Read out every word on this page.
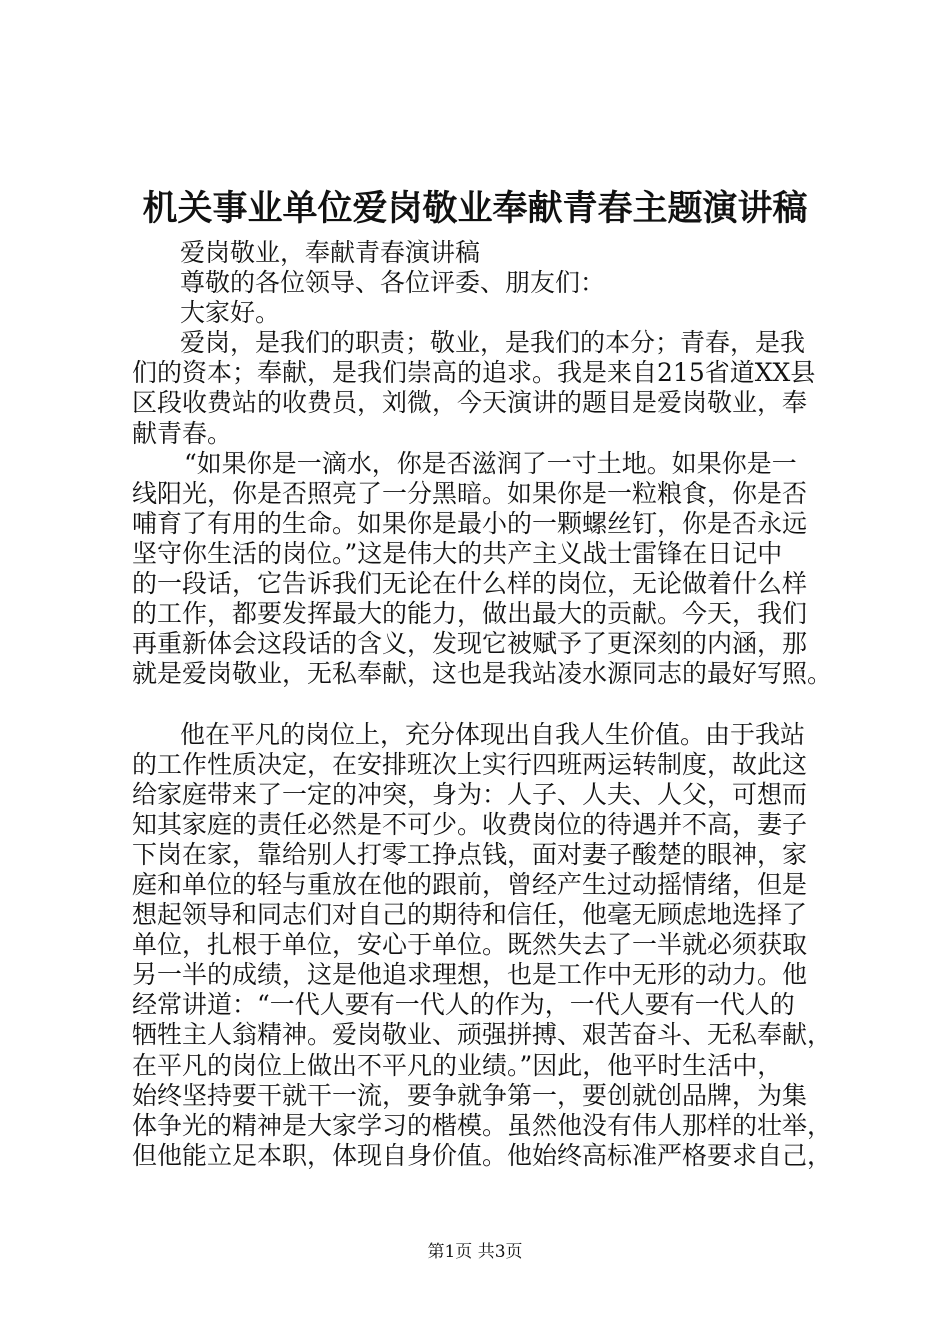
机关事业单位爱岗敬业奉献青春主题演讲稿
爱岗敬业，奉献青春演讲稿
尊敬的各位领导、各位评委、朋友们：
大家好。
爱岗，是我们的职责；敬业，是我们的本分；青春，是我
们的资本；奉献，是我们崇高的追求。我是来自215省道XX县
区段收费站的收费员，刘微，今天演讲的题目是爱岗敬业，奉
献青春。
“如果你是一滴水，你是否滋润了一寸土地。如果你是一
线阳光，你是否照亮了一分黑暗。如果你是一粒粮食，你是否
哺育了有用的生命。如果你是最小的一颗螺丝钉，你是否永远
坚守你生活的岗位。”这是伟大的共产主义战士雷锋在日记中
的一段话，它告诉我们无论在什么样的岗位，无论做着什么样
的工作，都要发挥最大的能力，做出最大的贡献。今天，我们
再重新体会这段话的含义，发现它被赋予了更深刻的内涵，那
就是爱岗敬业，无私奉献，这也是我站凌水源同志的最好写照。
他在平凡的岗位上，充分体现出自我人生价值。由于我站
的工作性质决定，在安排班次上实行四班两运转制度，故此这
给家庭带来了一定的冲突，身为：人子、人夫、人父，可想而
知其家庭的责任必然是不可少。收费岗位的待遇并不高，妻子
下岗在家，靠给别人打零工挣点钱，面对妻子酸楚的眼神，家
庭和单位的轻与重放在他的跟前，曾经产生过动摇情绪，但是
想起领导和同志们对自己的期待和信任，他毫无顾虑地选择了
单位，扎根于单位，安心于单位。既然失去了一半就必须获取
另一半的成绩，这是他追求理想，也是工作中无形的动力。他
经常讲道：“一代人要有一代人的作为，一代人要有一代人的
牺牲主人翁精神。爱岗敬业、顽强拼搏、艰苦奋斗、无私奉献，
在平凡的岗位上做出不平凡的业绩。”因此，他平时生活中，
始终坚持要干就干一流，要争就争第一，要创就创品牌，为集
体争光的精神是大家学习的楷模。虽然他没有伟人那样的壮举，
但他能立足本职，体现自身价值。他始终高标准严格要求自己，
第1页 共3页
